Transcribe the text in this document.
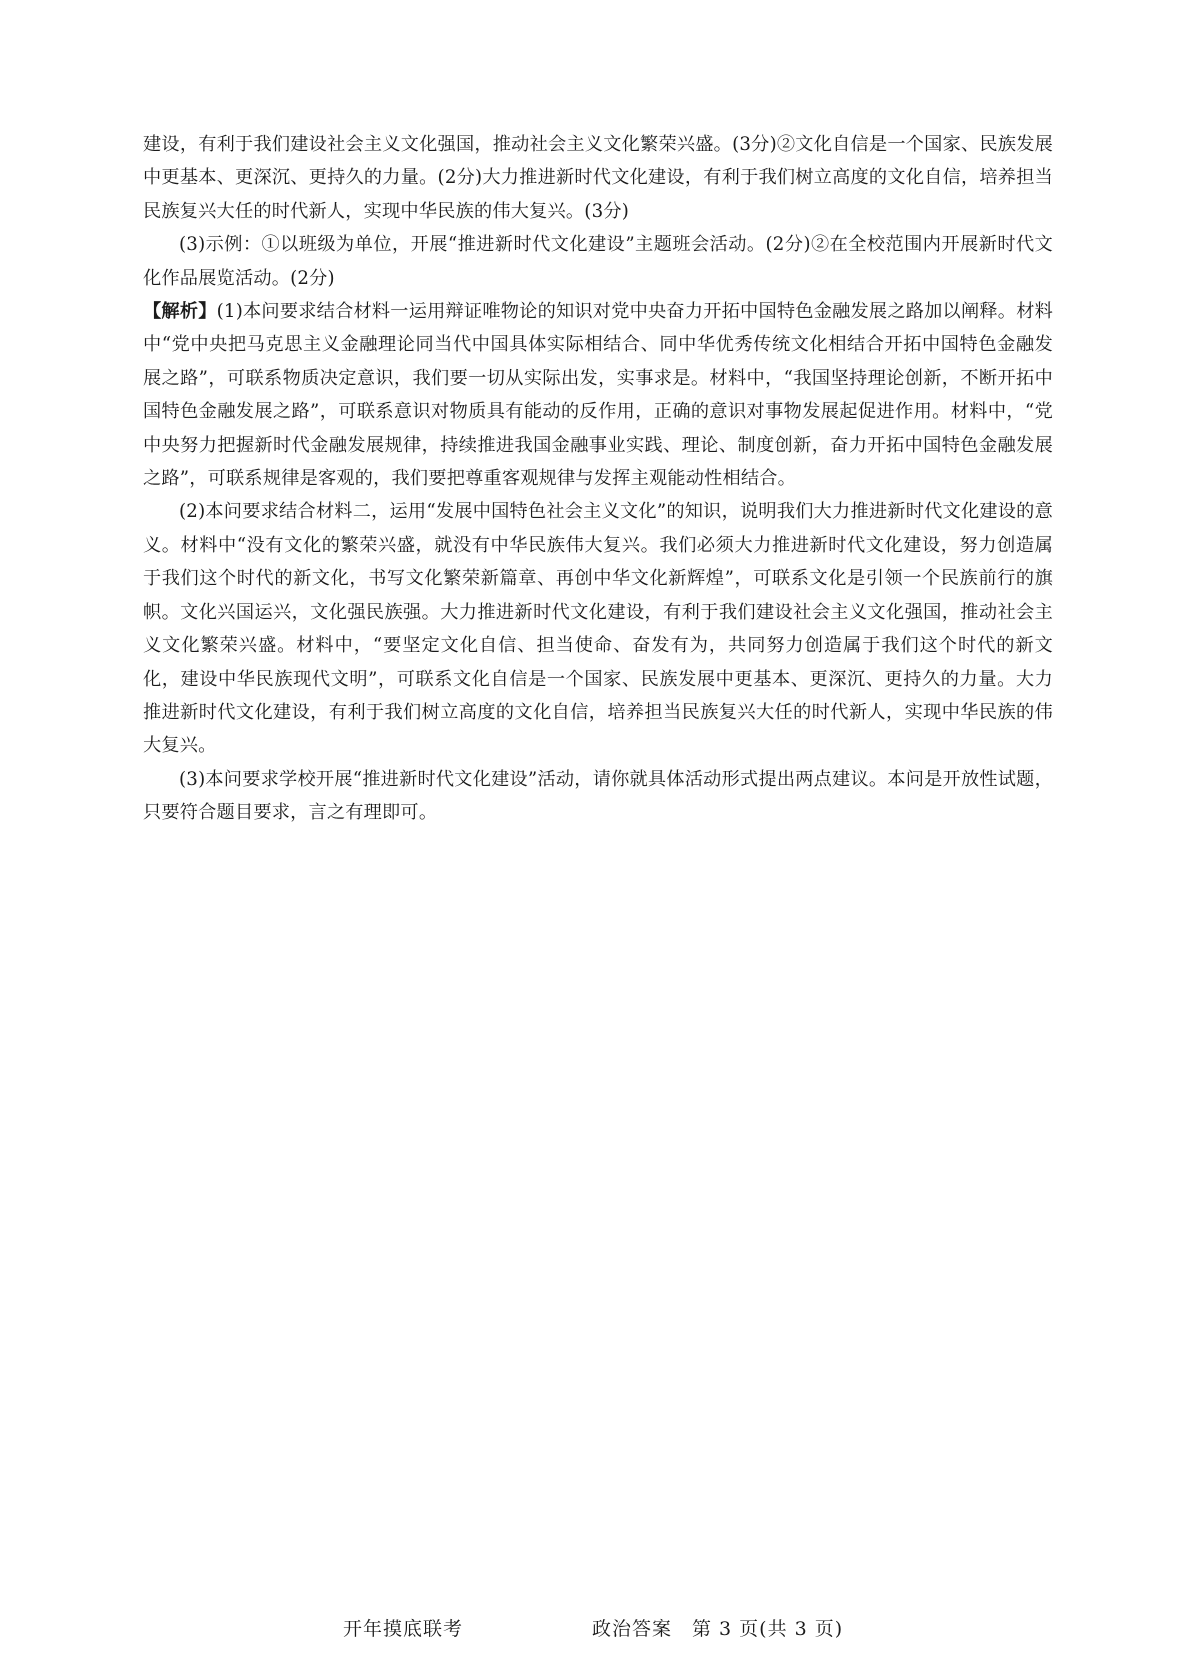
建设，有利于我们建设社会主义文化强国，推动社会主义文化繁荣兴盛。(3分)②文化自信是一个国家、民族发展中更基本、更深沉、更持久的力量。(2分)大力推进新时代文化建设，有利于我们树立高度的文化自信，培养担当民族复兴大任的时代新人，实现中华民族的伟大复兴。(3分)

(3)示例：①以班级为单位，开展“推进新时代文化建设”主题班会活动。(2分)②在全校范围内开展新时代文化作品展览活动。(2分)

【解析】(1)本问要求结合材料一运用辩证唯物论的知识对党中央奋力开拓中国特色金融发展之路加以阐释。材料中“党中央把马克思主义金融理论同当代中国具体实际相结合、同中华优秀传统文化相结合开拓中国特色金融发展之路”，可联系物质决定意识，我们要一切从实际出发，实事求是。材料中，“我国坚持理论创新，不断开拓中国特色金融发展之路”，可联系意识对物质具有能动的反作用，正确的意识对事物发展起促进作用。材料中，“党中央努力把握新时代金融发展规律，持续推进我国金融事业实践、理论、制度创新，奋力开拓中国特色金融发展之路”，可联系规律是客观的，我们要把尊重客观规律与发挥主观能动性相结合。

(2)本问要求结合材料二，运用“发展中国特色社会主义文化”的知识，说明我们大力推进新时代文化建设的意义。材料中“没有文化的繁荣兴盛，就没有中华民族伟大复兴。我们必须大力推进新时代文化建设，努力创造属于我们这个时代的新文化，书写文化繁荣新篇章、再创中华文化新辉煌”，可联系文化是引领一个民族前行的旗帜。文化兴国运兴，文化强民族强。大力推进新时代文化建设，有利于我们建设社会主义文化强国，推动社会主义文化繁荣兴盛。材料中，“要坚定文化自信、担当使命、奋发有为，共同努力创造属于我们这个时代的新文化，建设中华民族现代文明”，可联系文化自信是一个国家、民族发展中更基本、更深沉、更持久的力量。大力推进新时代文化建设，有利于我们树立高度的文化自信，培养担当民族复兴大任的时代新人，实现中华民族的伟大复兴。

(3)本问要求学校开展“推进新时代文化建设”活动，请你就具体活动形式提出两点建议。本问是开放性试题，只要符合题目要求，言之有理即可。

开年摸底联考	政治答案　第 3 页(共 3 页)
